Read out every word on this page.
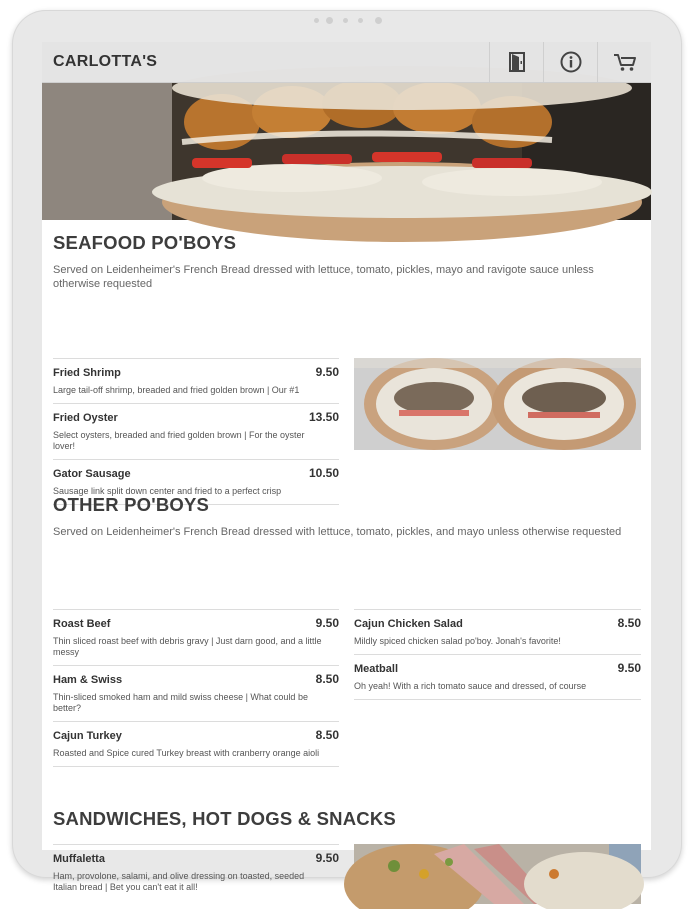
CARLOTTA'S
SEAFOOD PO'BOYS

Served on Leidenheimer's French Bread dressed with lettuce, tomato, pickles, mayo and ravigote sauce unless otherwise requested

Fried Shrimp	9.50
Large tail-off shrimp, breaded and fried golden brown | Our #1
Fried Oyster	13.50
Select oysters, breaded and fried golden brown | For the oyster lover!
Gator Sausage	10.50
Sausage link split down center and fried to a perfect crisp
OTHER PO'BOYS

Served on Leidenheimer's French Bread dressed with lettuce, tomato, pickles, and mayo unless otherwise requested

Roast Beef	9.50
Thin sliced roast beef with debris gravy | Just darn good, and a little messy
Ham & Swiss	8.50
Thin-sliced smoked ham and mild swiss cheese | What could be better?
Cajun Turkey	8.50
Roasted and Spice cured Turkey breast with cranberry orange aioli
Cajun Chicken Salad	8.50
Mildly spiced chicken salad po'boy. Jonah's favorite!
Meatball	9.50
Oh yeah! With a rich tomato sauce and dressed, of course
SANDWICHES, HOT DOGS & SNACKS
Muffaletta	9.50
Ham, provolone, salami, and olive dressing on toasted, seeded Italian bread | Bet you can't eat it all!
